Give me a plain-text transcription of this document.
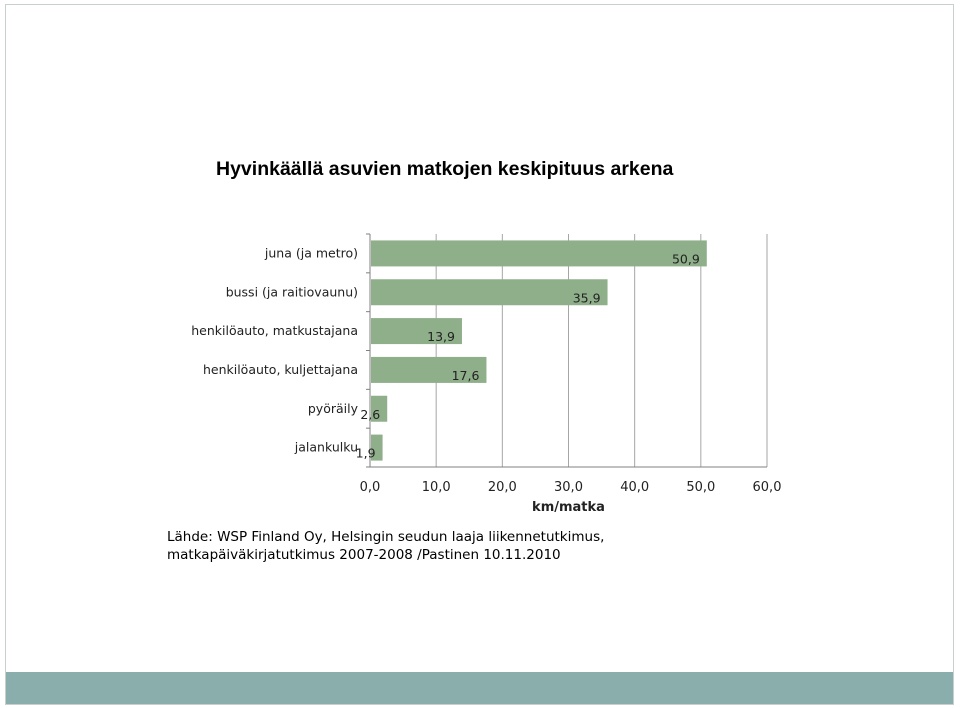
Hyvinkäällä asuvien matkojen keskipituus arkena
juna (ja metro)	50,9
bussi (ja raitiovaunu)	35,9
henkilöauto, matkustajana	13,9
henkilöauto, kuljettajana	17,6
pyöräily 2,6
jalankulku
1,9
0,0	10,0	20,0	30,0	40,0	50,0	60,0
km/matka
Lähde: WSP Finland Oy, Helsingin seudun laaja liikennetutkimus,
matkapäiväkirjatutkimus 2007-2008 /Pastinen 10.11.2010
